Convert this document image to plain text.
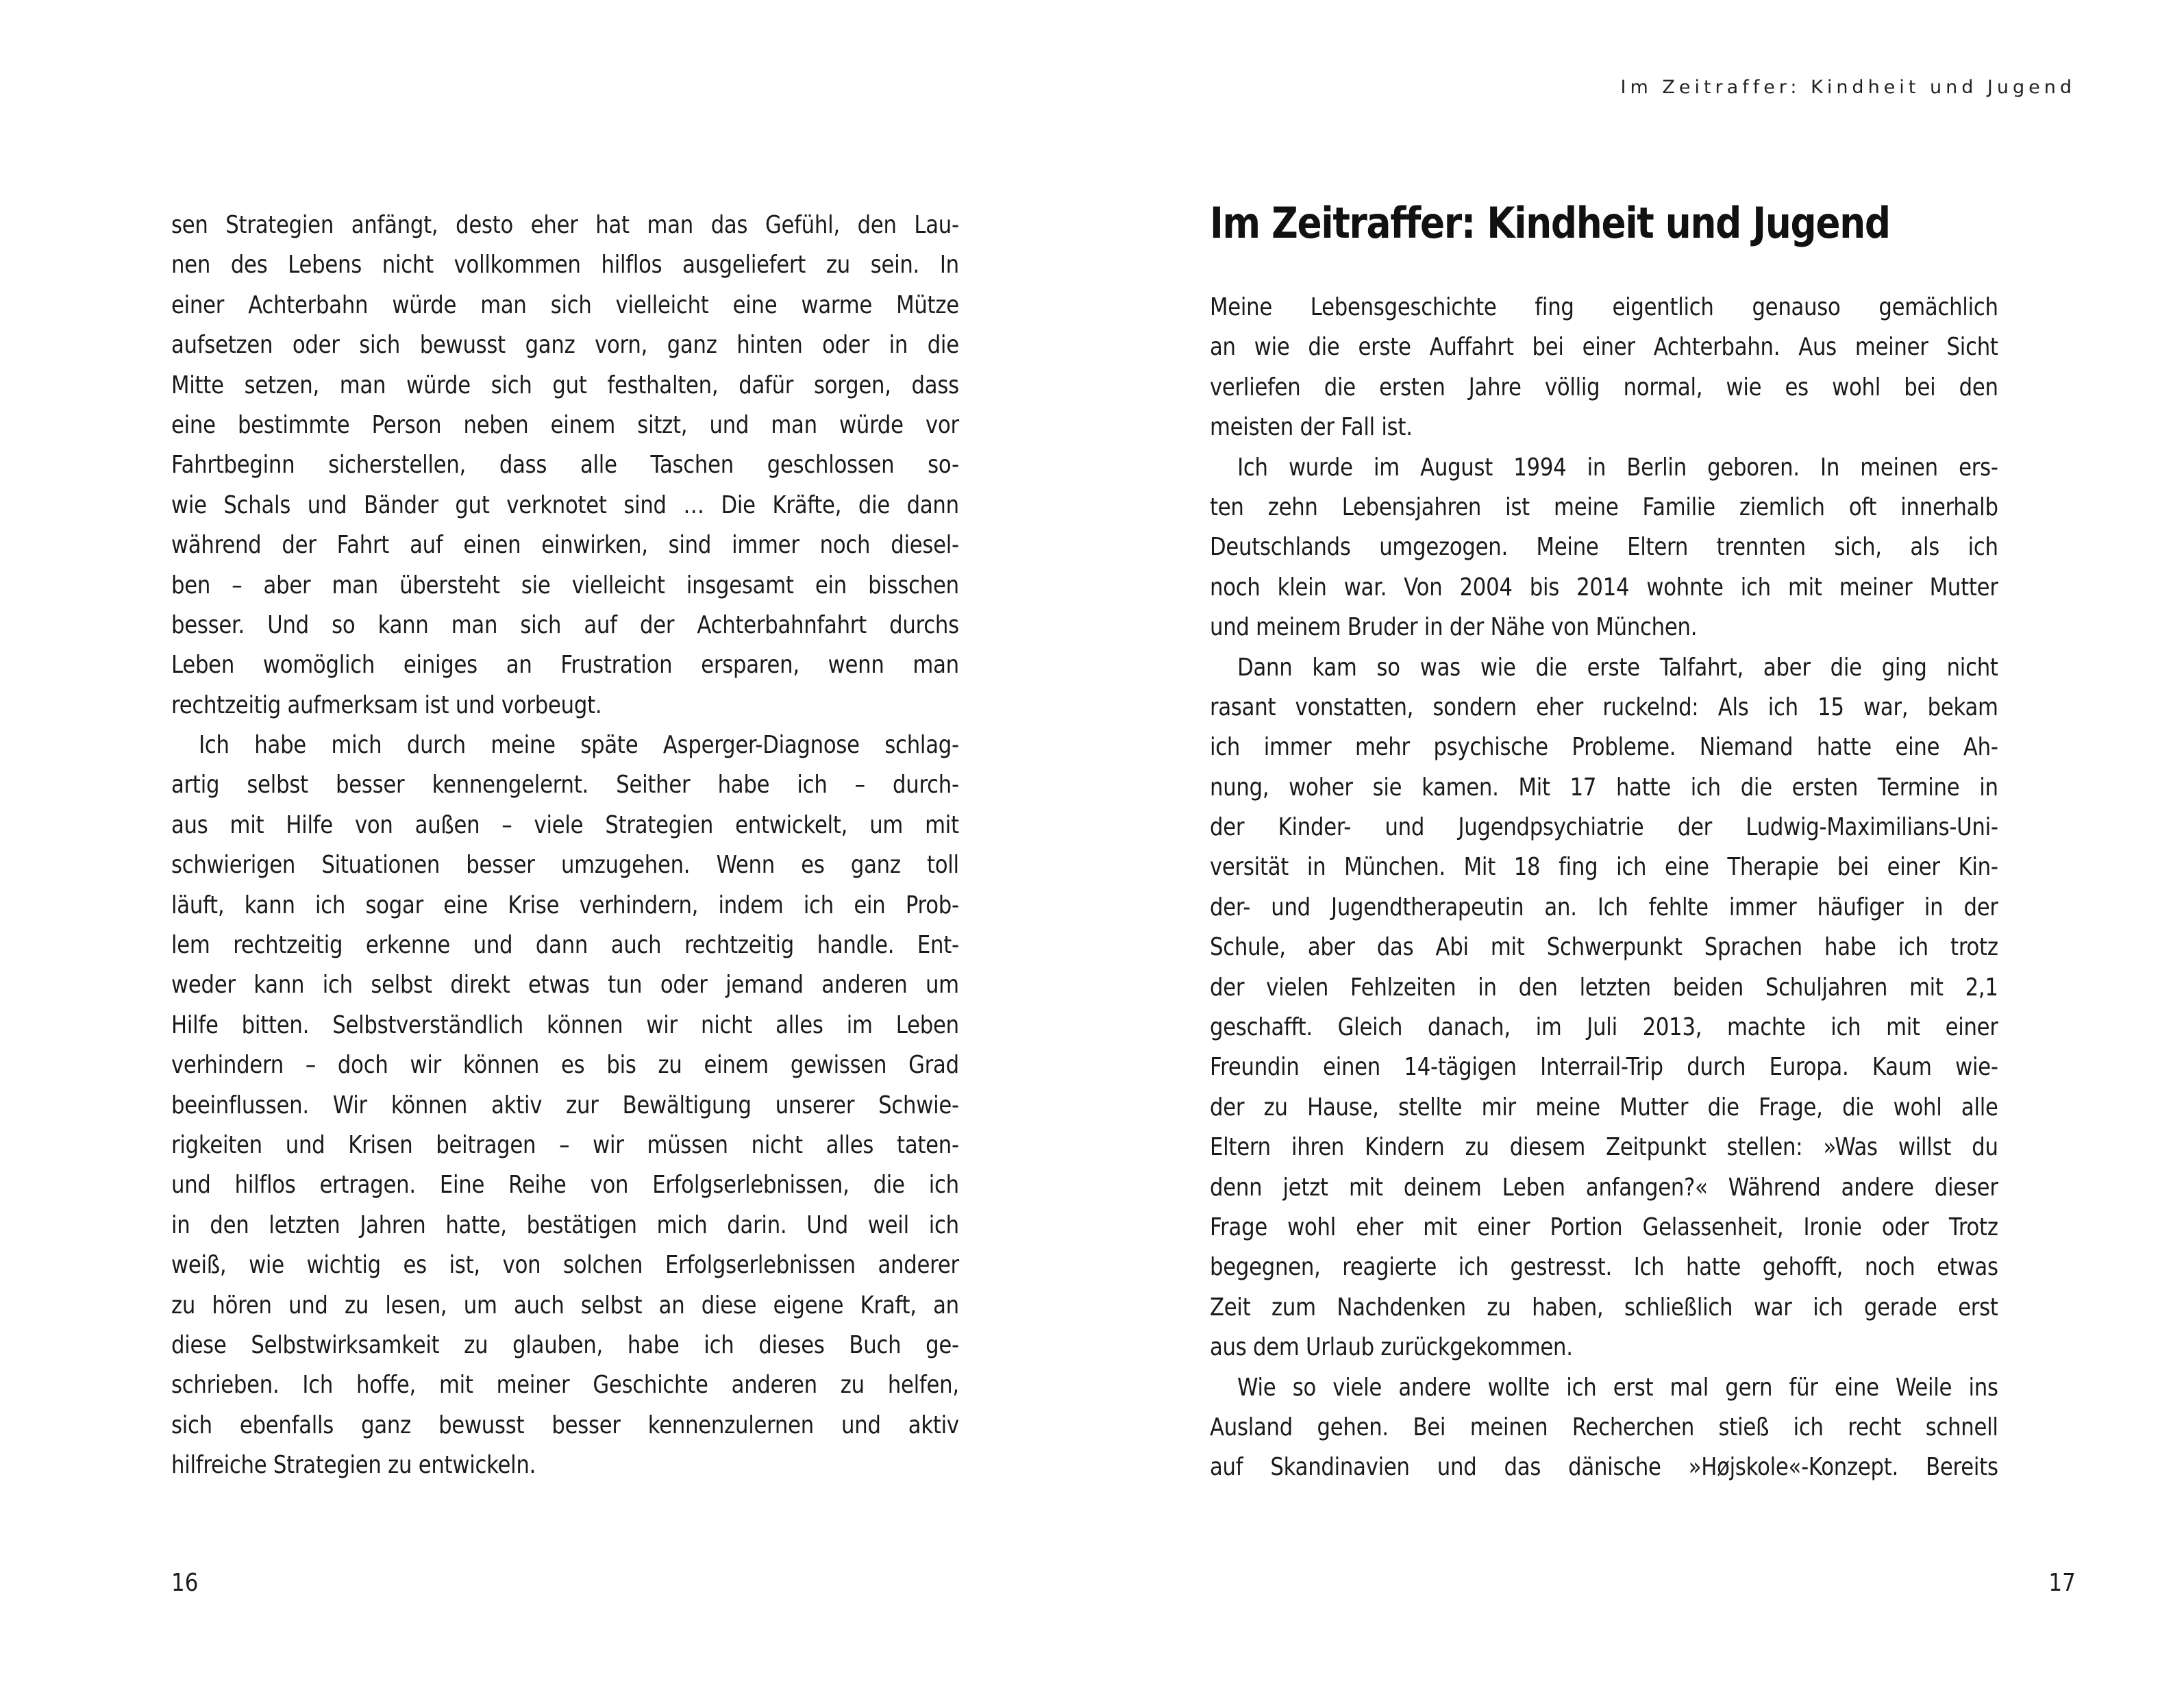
sen Strategien anfängt, desto eher hat man das Gefühl, den Lau-
nen des Lebens nicht vollkommen hilflos ausgeliefert zu sein. In
einer Achterbahn würde man sich vielleicht eine warme Mütze
aufsetzen oder sich bewusst ganz vorn, ganz hinten oder in die
Mitte setzen, man würde sich gut festhalten, dafür sorgen, dass
eine bestimmte Person neben einem sitzt, und man würde vor
Fahrtbeginn sicherstellen, dass alle Taschen geschlossen so-
wie Schals und Bänder gut verknotet sind … Die Kräfte, die dann
während der Fahrt auf einen einwirken, sind immer noch diesel-
ben – aber man übersteht sie vielleicht insgesamt ein bisschen
besser. Und so kann man sich auf der Achterbahnfahrt durchs
Leben womöglich einiges an Frustration ersparen, wenn man
rechtzeitig aufmerksam ist und vorbeugt.
Ich habe mich durch meine späte Asperger-Diagnose schlag-
artig selbst besser kennengelernt. Seither habe ich – durch-
aus mit Hilfe von außen – viele Strategien entwickelt, um mit
schwierigen Situationen besser umzugehen. Wenn es ganz toll
läuft, kann ich sogar eine Krise verhindern, indem ich ein Prob-
lem rechtzeitig erkenne und dann auch rechtzeitig handle. Ent-
weder kann ich selbst direkt etwas tun oder jemand anderen um
Hilfe bitten. Selbstverständlich können wir nicht alles im Leben
verhindern – doch wir können es bis zu einem gewissen Grad
beeinflussen. Wir können aktiv zur Bewältigung unserer Schwie-
rigkeiten und Krisen beitragen – wir müssen nicht alles taten-
und hilflos ertragen. Eine Reihe von Erfolgserlebnissen, die ich
in den letzten Jahren hatte, bestätigen mich darin. Und weil ich
weiß, wie wichtig es ist, von solchen Erfolgserlebnissen anderer
zu hören und zu lesen, um auch selbst an diese eigene Kraft, an
diese Selbstwirksamkeit zu glauben, habe ich dieses Buch ge-
schrieben. Ich hoffe, mit meiner Geschichte anderen zu helfen,
sich ebenfalls ganz bewusst besser kennenzulernen und aktiv
hilfreiche Strategien zu entwickeln.
16
Im Zeitraffer: Kindheit und Jugend
Im Zeitraffer: Kindheit und Jugend
Meine Lebensgeschichte fing eigentlich genauso gemächlich
an wie die erste Auffahrt bei einer Achterbahn. Aus meiner Sicht
verliefen die ersten Jahre völlig normal, wie es wohl bei den
meisten der Fall ist.
Ich wurde im August 1994 in Berlin geboren. In meinen ers-
ten zehn Lebensjahren ist meine Familie ziemlich oft innerhalb
Deutschlands umgezogen. Meine Eltern trennten sich, als ich
noch klein war. Von 2004 bis 2014 wohnte ich mit meiner Mutter
und meinem Bruder in der Nähe von München.
Dann kam so was wie die erste Talfahrt, aber die ging nicht
rasant vonstatten, sondern eher ruckelnd: Als ich 15 war, bekam
ich immer mehr psychische Probleme. Niemand hatte eine Ah-
nung, woher sie kamen. Mit 17 hatte ich die ersten Termine in
der Kinder- und Jugendpsychiatrie der Ludwig-Maximilians-Uni-
versität in München. Mit 18 fing ich eine Therapie bei einer Kin-
der- und Jugendtherapeutin an. Ich fehlte immer häufiger in der
Schule, aber das Abi mit Schwerpunkt Sprachen habe ich trotz
der vielen Fehlzeiten in den letzten beiden Schuljahren mit 2,1
geschafft. Gleich danach, im Juli 2013, machte ich mit einer
Freundin einen 14-tägigen Interrail-Trip durch Europa. Kaum wie-
der zu Hause, stellte mir meine Mutter die Frage, die wohl alle
Eltern ihren Kindern zu diesem Zeitpunkt stellen: »Was willst du
denn jetzt mit deinem Leben anfangen?« Während andere dieser
Frage wohl eher mit einer Portion Gelassenheit, Ironie oder Trotz
begegnen, reagierte ich gestresst. Ich hatte gehofft, noch etwas
Zeit zum Nachdenken zu haben, schließlich war ich gerade erst
aus dem Urlaub zurückgekommen.
Wie so viele andere wollte ich erst mal gern für eine Weile ins
Ausland gehen. Bei meinen Recherchen stieß ich recht schnell
auf Skandinavien und das dänische »Højskole«-Konzept. Bereits
17
